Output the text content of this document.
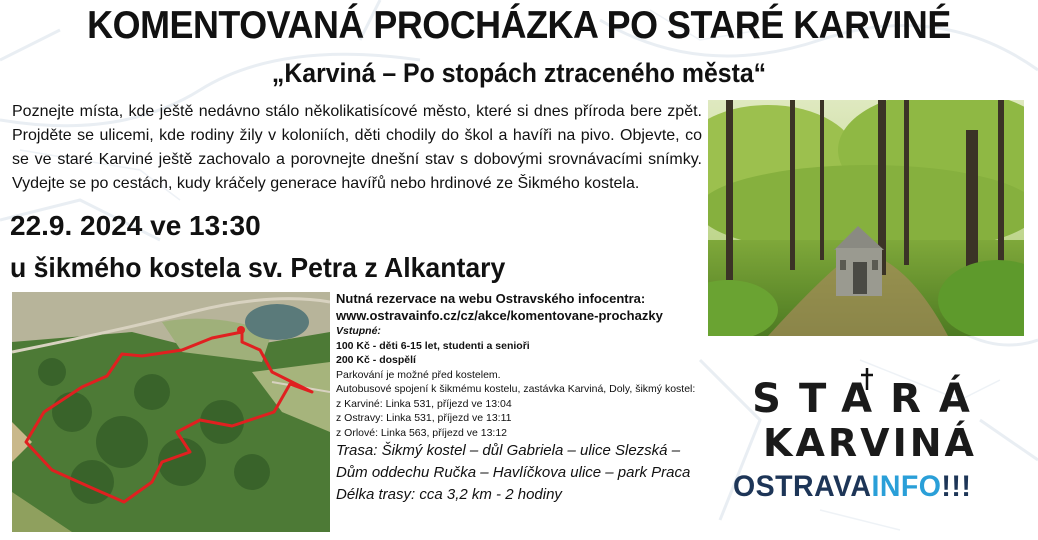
KOMENTOVANÁ PROCHÁZKA PO STARÉ KARVINÉ
„Karviná – Po stopách ztraceného města“
Poznejte místa, kde ještě nedávno stálo několikatisícové město, které si dnes příroda bere zpět. Projděte se ulicemi, kde rodiny žily v koloniích, děti chodily do škol a havíři na pivo. Objevte, co se ve staré Karviné ještě zachovalo a porovnejte dnešní stav s dobovými srovnávacími snímky. Vydejte se po cestách, kudy kráčely generace havířů nebo hrdinové ze Šikmého kostela.
22.9. 2024 ve 13:30
u šikmého kostela sv. Petra z Alkantary
Nutná rezervace na webu Ostravského infocentra:
www.ostravainfo.cz/cz/akce/komentovane-prochazky
Vstupné:
100 Kč - děti 6-15 let, studenti a senioři
200 Kč - dospělí
Parkování je možné před kostelem.
Autobusové spojení k šikmému kostelu, zastávka Karviná, Doly, šikmý kostel:
z Karviné: Linka 531, příjezd ve 13:04
z Ostravy: Linka 531, příjezd ve 13:11
z Orlové: Linka 563, příjezd ve 13:12
Trasa: Šikmý kostel – důl Gabriela – ulice Slezská –
Dům oddechu Ručka – Havlíčkova ulice – park Praca
Délka trasy: cca 3,2 km - 2 hodiny
STARÁ
KARVINÁ
OSTRAVAINFO!!!
